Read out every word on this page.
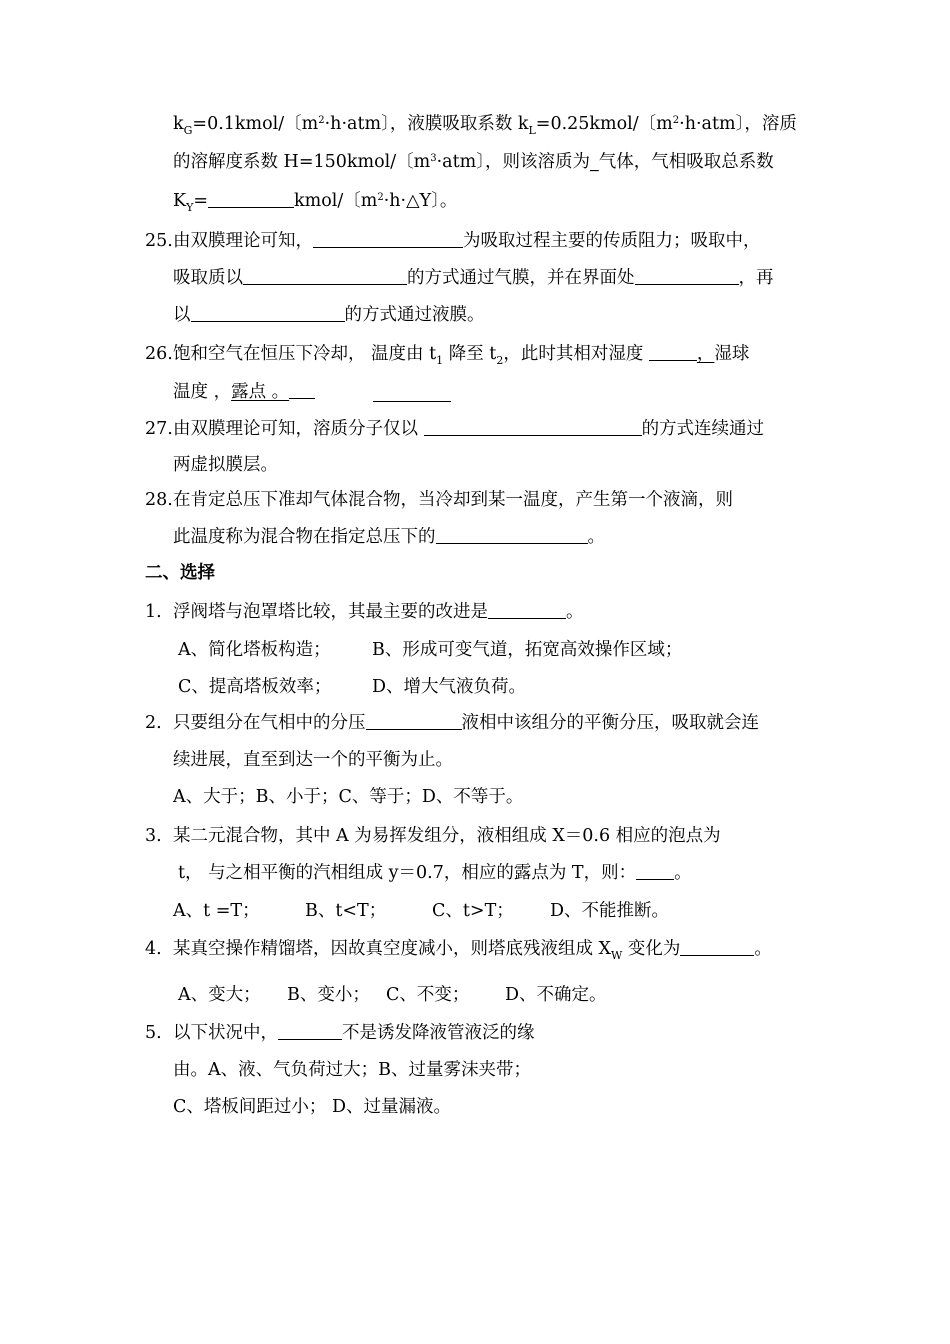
$k_G=0.1kmol/$〔$m^2\cdot h\cdot atm$〕，液膜吸取系数 $k_L=0.25kmol/$〔$m^2\cdot h\cdot atm$〕，溶质
的溶解度系数 H=150kmol/〔$m^3\cdot atm$〕，则该溶质为_气体，气相吸取总系数
$K_Y=$	kmol/〔$m^2\cdot h\cdot\triangle Y$〕。
25. 由双膜理论可知，	为吸取过程主要的传质阻力；吸取中，
吸取质以	的方式通过气膜，并在界面处	，再
以	的方式通过液膜。
26. 饱和空气在恒压下冷却， 温度由 $t_1$ 降至 $t_2$，此时其相对湿度	，湿球
温度 ，露点 。
27. 由双膜理论可知，溶质分子仅以	的方式连续通过
两虚拟膜层。
28. 在肯定总压下准却气体混合物，当冷却到某一温度，产生第一个液滴，则
此温度称为混合物在指定总压下的	。
二、选择
1. 浮阀塔与泡罩塔比较，其最主要的改进是	。
A、简化塔板构造； B、形成可变气道，拓宽高效操作区域；
C、提高塔板效率； D、增大气液负荷。
2. 只要组分在气相中的分压	液相中该组分的平衡分压，吸取就会连
续进展，直至到达一个的平衡为止。
A、大于；B、小于；C、等于；D、不等于。
3. 某二元混合物，其中 A 为易挥发组分，液相组成 X＝0.6 相应的泡点为
t， 与之相平衡的汽相组成 y＝0.7，相应的露点为 T，则： 。
A、t =T；	B、t<T；	C、t>T； D、不能推断。
4. 某真空操作精馏塔，因故真空度减小，则塔底残液组成 $X_W$ 变化为	。
A、变大； B、变小； C、不变； D、不确定。
5. 以下状况中，	不是诱发降液管液泛的缘
由。A、液、气负荷过大；B、过量雾沫夹带；
C、塔板间距过小； D、过量漏液。
